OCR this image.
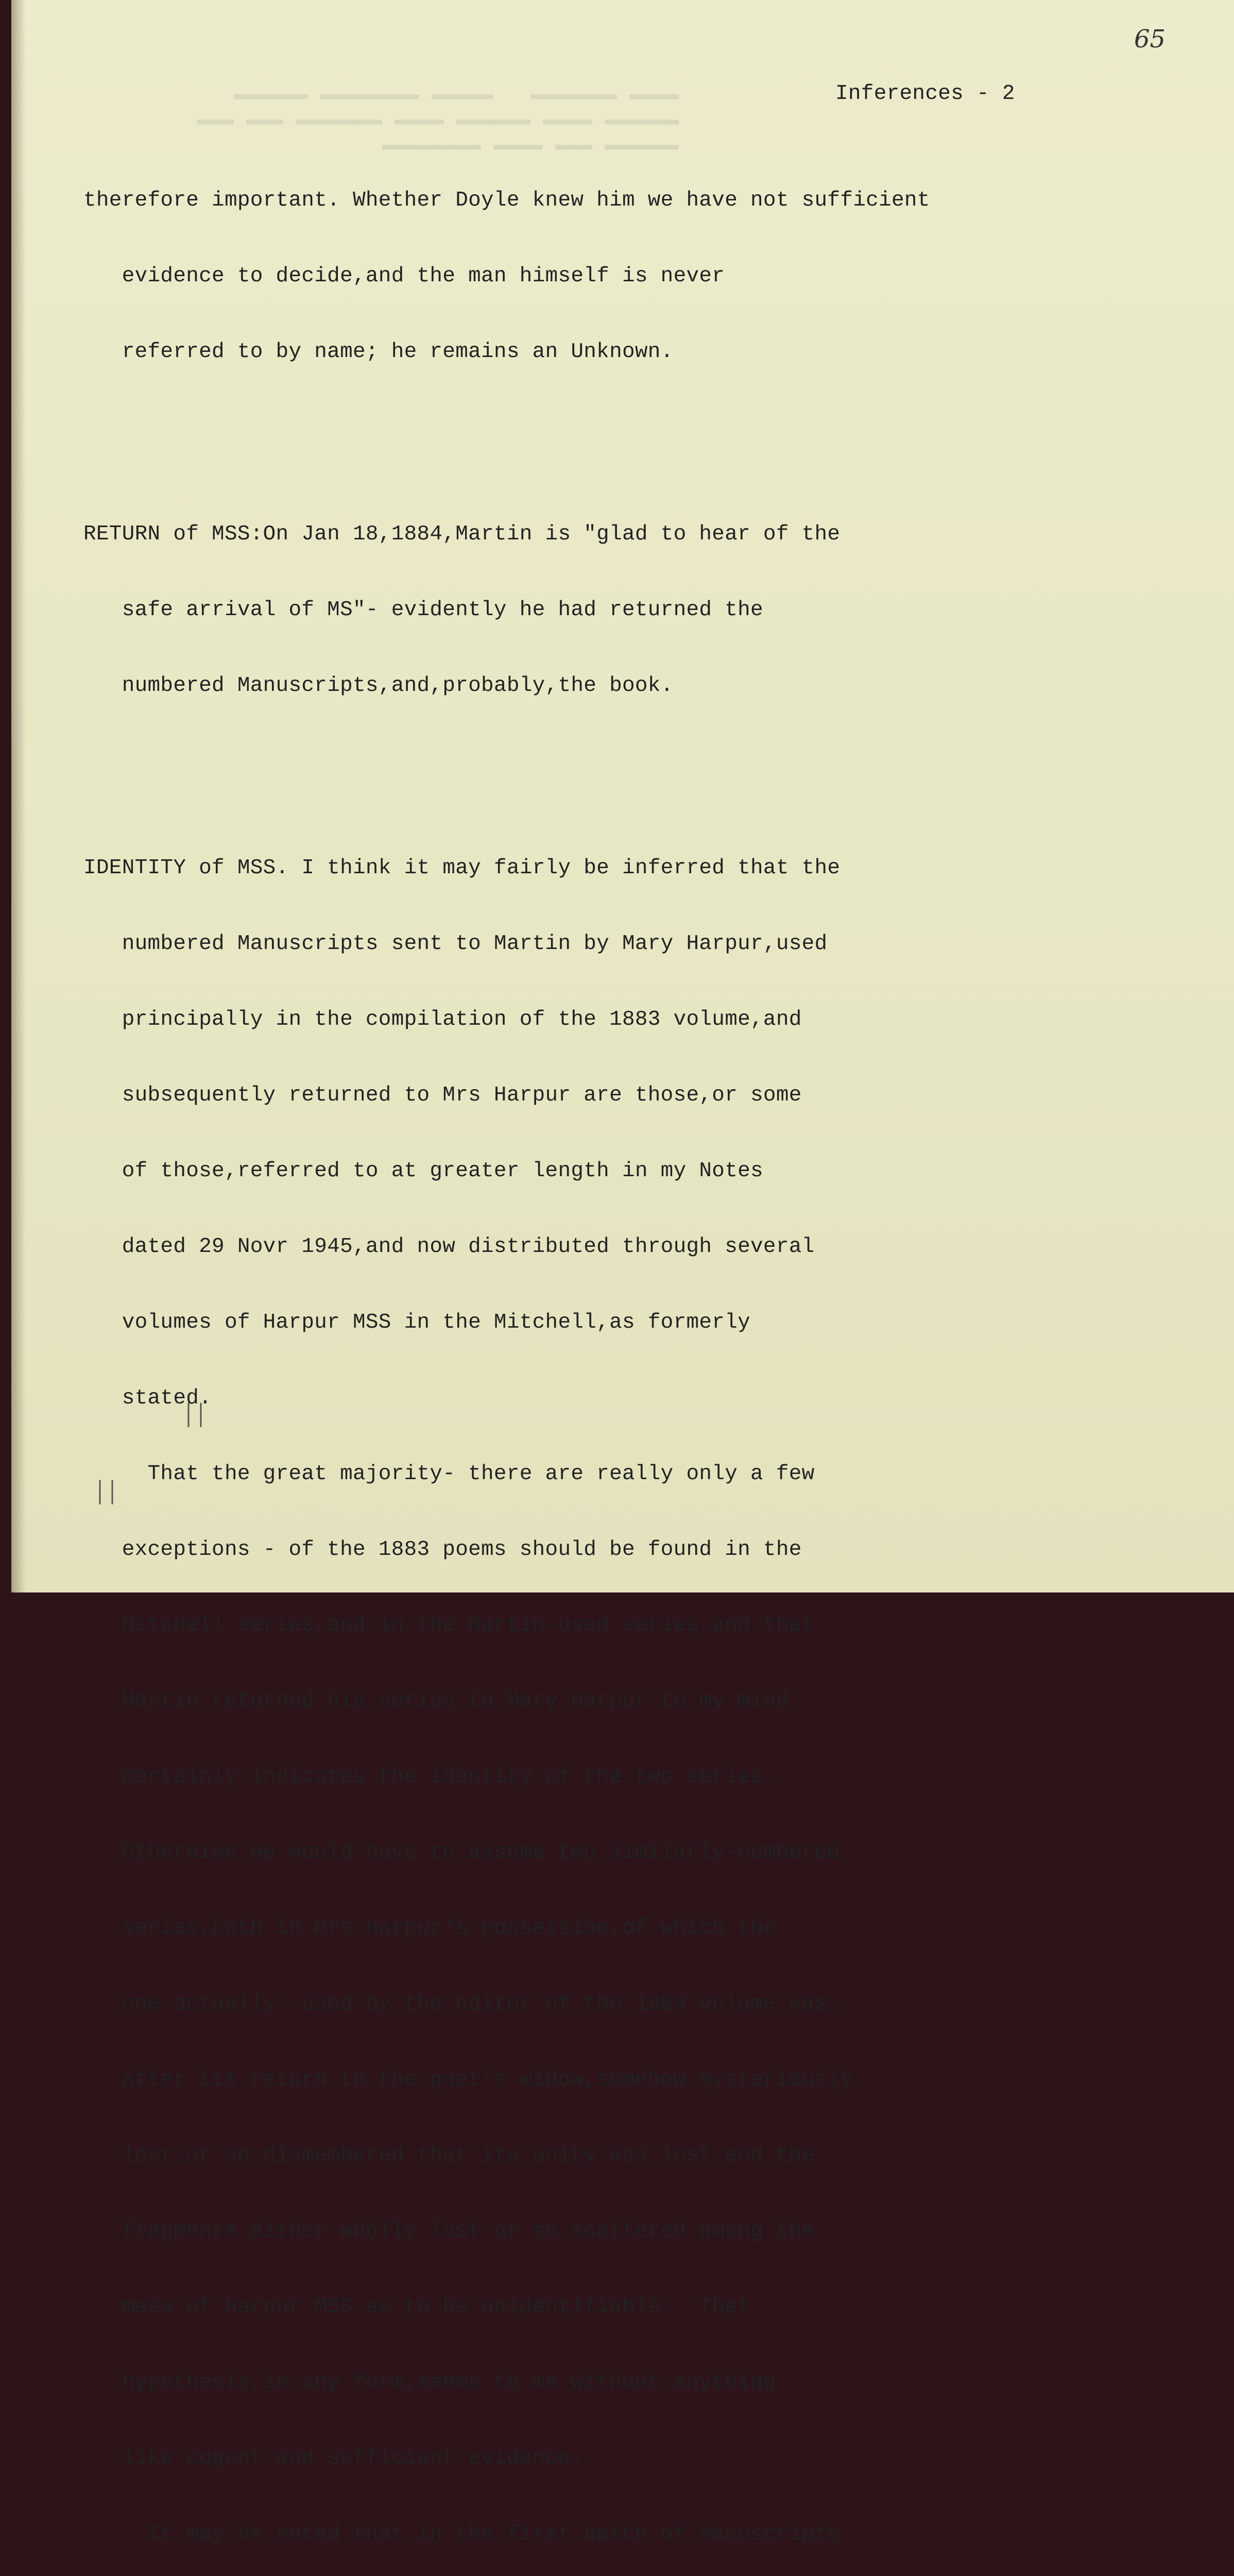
▬▬▬▬ ▬▬▬▬▬▬▬   ▬▬▬▬▬ ▬▬▬▬▬▬▬▬ ▬▬▬▬▬▬
▬▬▬▬▬▬ ▬▬▬▬ ▬▬▬▬▬▬ ▬▬▬▬ ▬▬▬▬▬▬▬ ▬▬▬ ▬▬▬
▬▬▬▬▬▬ ▬▬▬ ▬▬▬▬ ▬▬▬▬▬▬▬▬
65
׀׀
׀׀

Inferences - 2

therefore important. Whether Doyle knew him we have not sufficient

evidence to decide,and the man himself is never

referred to by name; he remains an Unknown.

RETURN of MSS:On Jan 18,1884,Martin is "glad to hear of the

safe arrival of MS"- evidently he had returned the

numbered Manuscripts,and,probably,the book.

IDENTITY of MSS. I think it may fairly be inferred that the

numbered Manuscripts sent to Martin by Mary Harpur,used

principally in the compilation of the 1883 volume,and

subsequently returned to Mrs Harpur are those,or some

of those,referred to at greater length in my Notes

dated 29 Novr 1945,and now distributed through several

volumes of Harpur MSS in the Mitchell,as formerly

stated.

That the great majority- there are really only a few

exceptions - of the 1883 poems should be found in the

Mitchell series,and in the Martin-used series,and that

Martin returned his series to Mary Harpur to my mind

certainly indicates the identity of the two series.

Otherwise we would have to assume two similarly-numbered

series,both in Mrs Harpur's possession,of which the

one actually  used by the editor of the 1883 volume was,

after its return to the poet's widow,somehow mysteriously

lost,or so dismembered that its unity was lost and the

fragments either wholly lost or so scattered among the

mass of Harpur MSS as to be unidentifiable.  That

hypothesis,in any form,seems to me without anything

like cogent and sufficient evidence.

It may be noted that in the first batch of Manuscripts
